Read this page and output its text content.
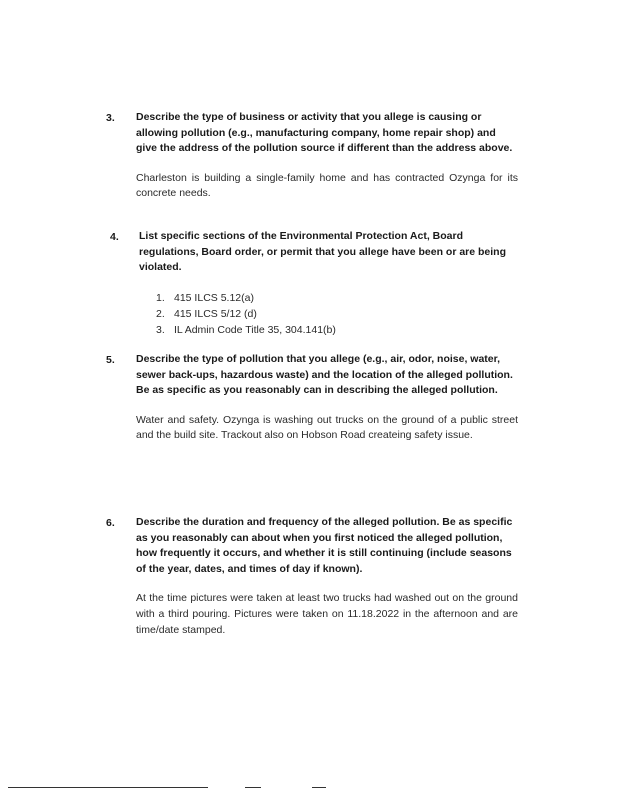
3. Describe the type of business or activity that you allege is causing or allowing pollution (e.g., manufacturing company, home repair shop) and give the address of the pollution source if different than the address above.
Charleston is building a single-family home and has contracted Ozynga for its concrete needs.
4. List specific sections of the Environmental Protection Act, Board regulations, Board order, or permit that you allege have been or are being violated.
1. 415 ILCS 5.12(a)
2. 415 ILCS 5/12 (d)
3. IL Admin Code Title 35, 304.141(b)
5. Describe the type of pollution that you allege (e.g., air, odor, noise, water, sewer back-ups, hazardous waste) and the location of the alleged pollution. Be as specific as you reasonably can in describing the alleged pollution.
Water and safety. Ozynga is washing out trucks on the ground of a public street and the build site. Trackout also on Hobson Road createing safety issue.
6. Describe the duration and frequency of the alleged pollution. Be as specific as you reasonably can about when you first noticed the alleged pollution, how frequently it occurs, and whether it is still continuing (include seasons of the year, dates, and times of day if known).
At the time pictures were taken at least two trucks had washed out on the ground with a third pouring. Pictures were taken on 11.18.2022 in the afternoon and are time/date stamped.
